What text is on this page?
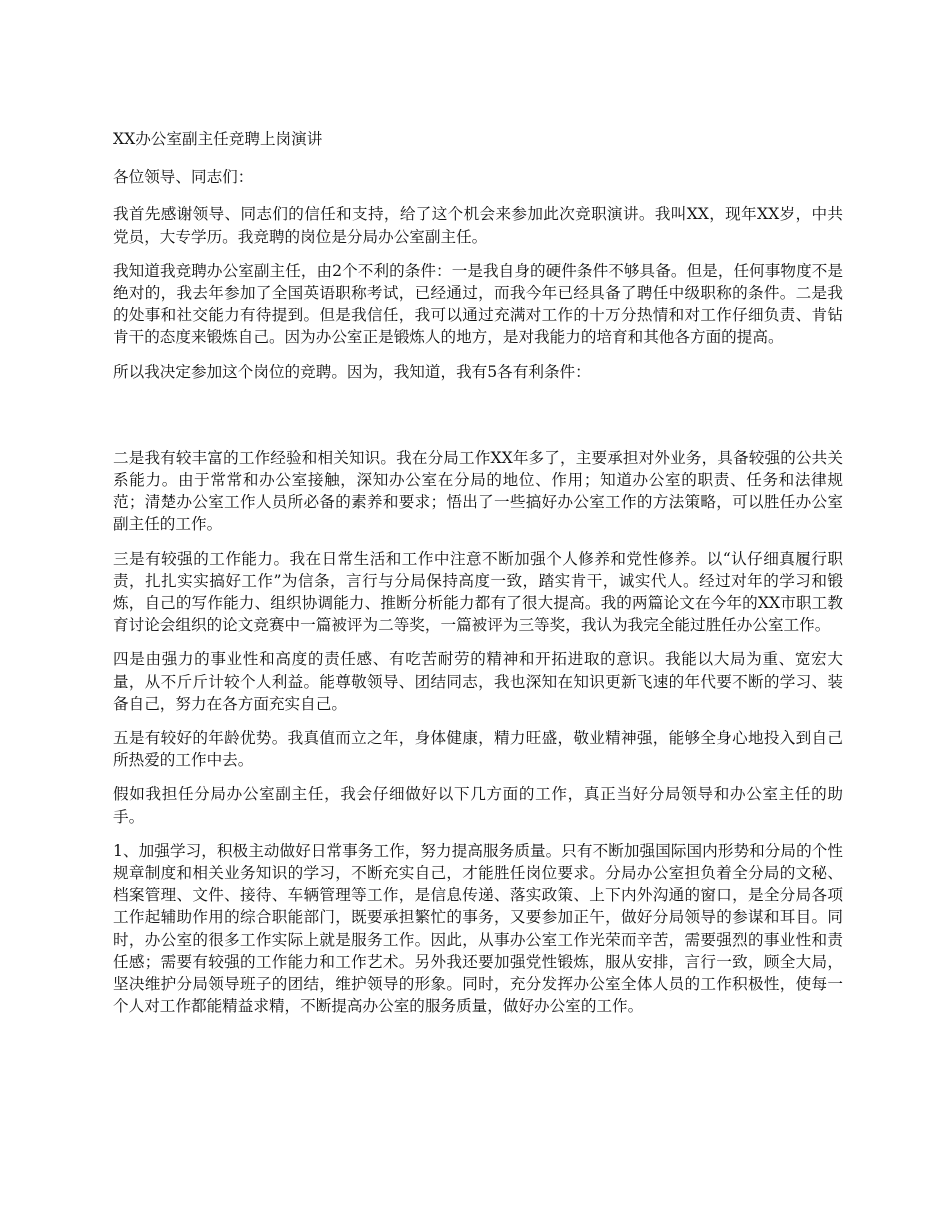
XX办公室副主任竞聘上岗演讲

各位领导、同志们：

我首先感谢领导、同志们的信任和支持，给了这个机会来参加此次竞职演讲。我叫XX，现年XX岁，中共党员，大专学历。我竞聘的岗位是分局办公室副主任。

我知道我竞聘办公室副主任，由2个不利的条件：一是我自身的硬件条件不够具备。但是，任何事物度不是绝对的，我去年参加了全国英语职称考试，已经通过，而我今年已经具备了聘任中级职称的条件。二是我的处事和社交能力有待提到。但是我信任，我可以通过充满对工作的十万分热情和对工作仔细负责、肯钻肯干的态度来锻炼自己。因为办公室正是锻炼人的地方，是对我能力的培育和其他各方面的提高。

所以我决定参加这个岗位的竞聘。因为，我知道，我有5各有利条件：

二是我有较丰富的工作经验和相关知识。我在分局工作XX年多了，主要承担对外业务，具备较强的公共关系能力。由于常常和办公室接触，深知办公室在分局的地位、作用；知道办公室的职责、任务和法律规范；清楚办公室工作人员所必备的素养和要求；悟出了一些搞好办公室工作的方法策略，可以胜任办公室副主任的工作。

三是有较强的工作能力。我在日常生活和工作中注意不断加强个人修养和党性修养。以“认仔细真履行职责，扎扎实实搞好工作”为信条，言行与分局保持高度一致，踏实肯干，诚实代人。经过对年的学习和锻炼，自己的写作能力、组织协调能力、推断分析能力都有了很大提高。我的两篇论文在今年的XX市职工教育讨论会组织的论文竞赛中一篇被评为二等奖，一篇被评为三等奖，我认为我完全能过胜任办公室工作。

四是由强力的事业性和高度的责任感、有吃苦耐劳的精神和开拓进取的意识。我能以大局为重、宽宏大量，从不斤斤计较个人利益。能尊敬领导、团结同志，我也深知在知识更新飞速的年代要不断的学习、装备自己，努力在各方面充实自己。

五是有较好的年龄优势。我真值而立之年，身体健康，精力旺盛，敬业精神强，能够全身心地投入到自己所热爱的工作中去。

假如我担任分局办公室副主任，我会仔细做好以下几方面的工作，真正当好分局领导和办公室主任的助手。

1、加强学习，积极主动做好日常事务工作，努力提高服务质量。只有不断加强国际国内形势和分局的个性规章制度和相关业务知识的学习，不断充实自己，才能胜任岗位要求。分局办公室担负着全分局的文秘、档案管理、文件、接待、车辆管理等工作，是信息传递、落实政策、上下内外沟通的窗口，是全分局各项工作起辅助作用的综合职能部门，既要承担繁忙的事务，又要参加正午，做好分局领导的参谋和耳目。同时，办公室的很多工作实际上就是服务工作。因此，从事办公室工作光荣而辛苦，需要强烈的事业性和责任感；需要有较强的工作能力和工作艺术。另外我还要加强党性锻炼，服从安排，言行一致，顾全大局，坚决维护分局领导班子的团结，维护领导的形象。同时，充分发挥办公室全体人员的工作积极性，使每一个人对工作都能精益求精，不断提高办公室的服务质量，做好办公室的工作。
